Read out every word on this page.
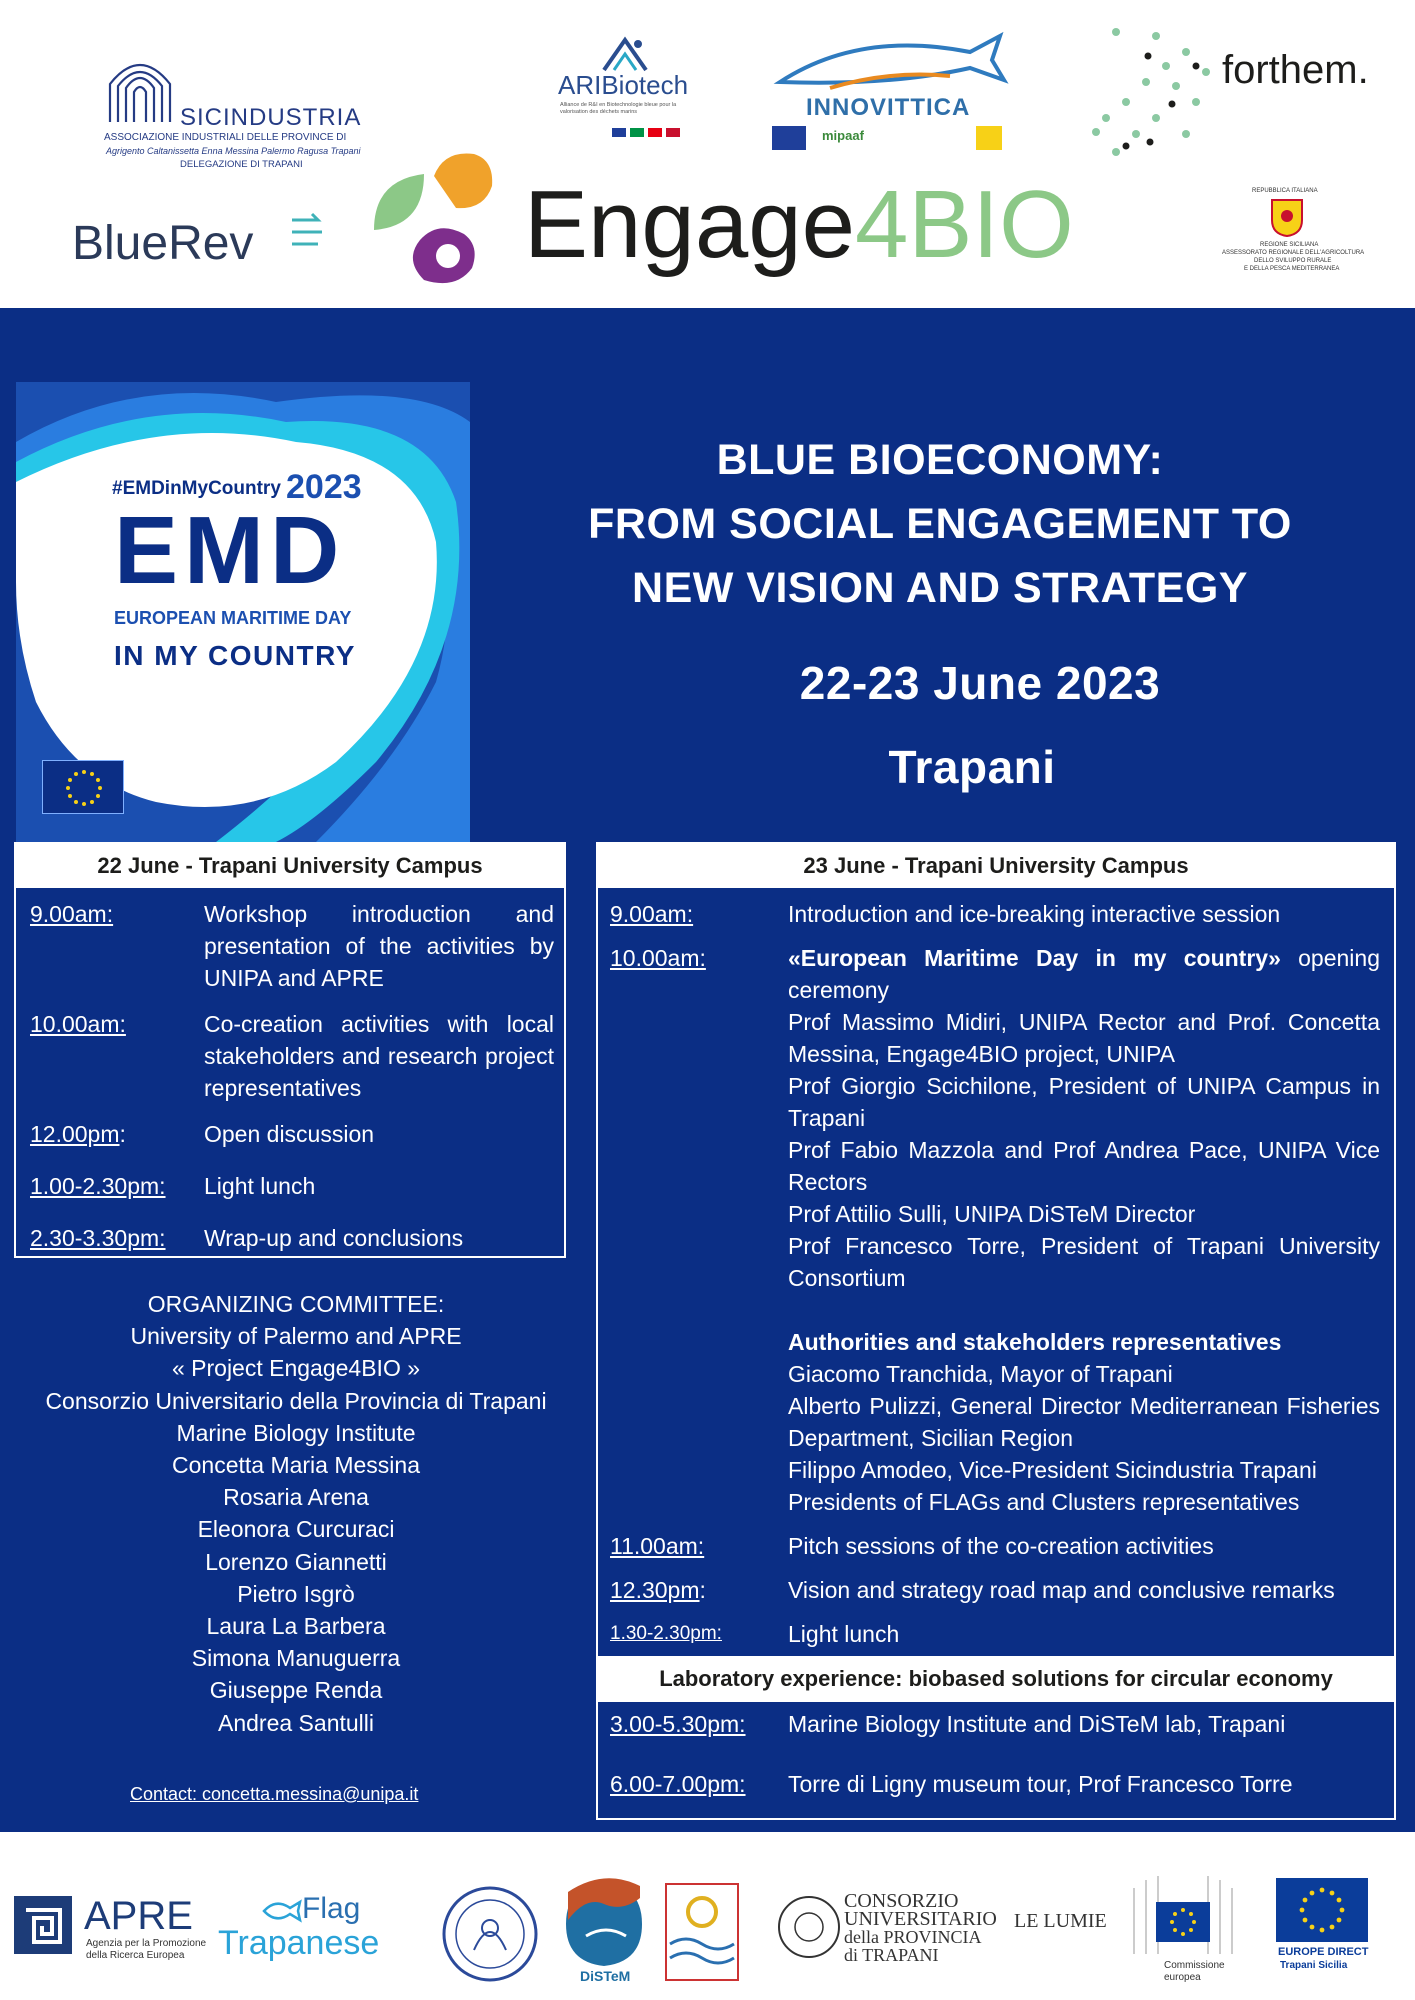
SICINDUSTRIA
ASSOCIAZIONE INDUSTRIALI DELLE PROVINCE DI
Agrigento Caltanissetta Enna Messina Palermo Ragusa Trapani
DELEGAZIONE DI TRAPANI
ARIBiotech
Alliance de R&I en Biotechnologie bleue pour la valorisation des déchets marins	INNOVITTICA
mipaaf
forthem.
BlueRev	Engage4BIO	REPUBBLICA ITALIANA
REGIONE SICILIANA
ASSESSORATO REGIONALE DELL'AGRICOLTURA
DELLO SVILUPPO RURALE
E DELLA PESCA MEDITERRANEA
#EMDinMyCountry 2023
EMD
EUROPEAN MARITIME DAY
IN MY COUNTRY
BLUE BIOECONOMY:
FROM SOCIAL ENGAGEMENT TO
NEW VISION AND STRATEGY
22-23 June 2023
Trapani
22 June - Trapani University Campus
9.00am:	Workshop introduction and presentation of the activities by UNIPA and APRE
10.00am:	Co-creation activities with local stakeholders and research project representatives
12.00pm:	Open discussion
1.00-2.30pm: Light lunch
2.30-3.30pm: Wrap-up and conclusions
ORGANIZING COMMITTEE:
University of Palermo and APRE
« Project Engage4BIO »
Consorzio Universitario della Provincia di Trapani
Marine Biology Institute
Concetta Maria Messina
Rosaria Arena
Eleonora Curcuraci
Lorenzo Giannetti
Pietro Isgrò
Laura La Barbera
Simona Manuguerra
Giuseppe Renda
Andrea Santulli
Contact: concetta.messina@unipa.it
23 June - Trapani University Campus
9.00am:	Introduction and ice-breaking interactive session
10.00am:	«European Maritime Day in my country» opening ceremony
Prof Massimo Midiri, UNIPA Rector and Prof. Concetta Messina, Engage4BIO project, UNIPA
Prof Giorgio Scichilone, President of UNIPA Campus in Trapani
Prof Fabio Mazzola and Prof Andrea Pace, UNIPA Vice Rectors
Prof Attilio Sulli, UNIPA DiSTeM Director
Prof Francesco Torre, President of Trapani University Consortium
Authorities and stakeholders representatives
Giacomo Tranchida, Mayor of Trapani
Alberto Pulizzi, General Director Mediterranean Fisheries Department, Sicilian Region
Filippo Amodeo, Vice-President Sicindustria Trapani
Presidents of FLAGs and Clusters representatives
11.00am:	Pitch sessions of the co-creation activities
12.30pm:	Vision and strategy road map and conclusive remarks
1.30-2.30pm:	Light lunch
Laboratory experience: biobased solutions for circular economy
3.00-5.30pm: Marine Biology Institute and DiSTeM lab, Trapani
6.00-7.00pm: Torre di Ligny museum tour, Prof Francesco Torre
APRE
Agenzia per la Promozione
della Ricerca Europea
Flag
Trapanese
DiSTeM
CONSORZIO
UNIVERSITARIO
della PROVINCIA
di TRAPANI
LE LUMIE
Commissione
europea
EUROPE DIRECT
Trapani Sicilia
